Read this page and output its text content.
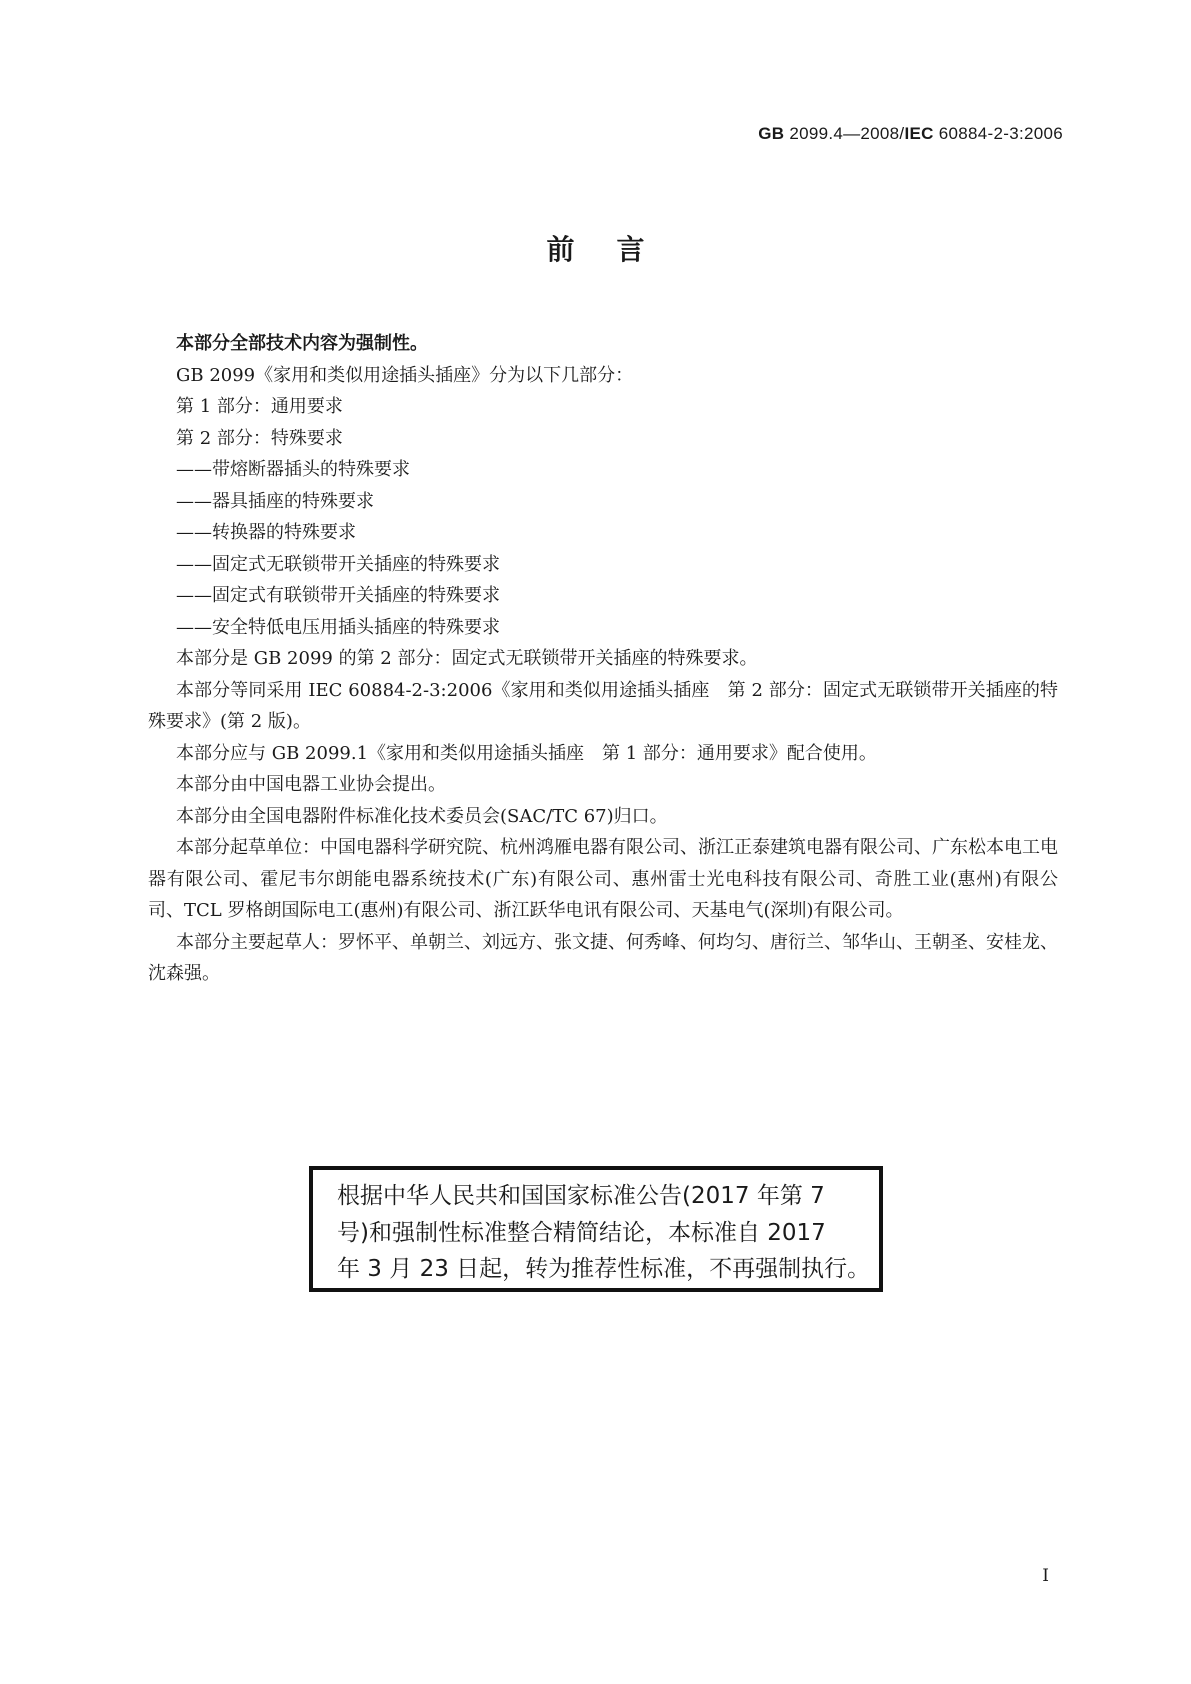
GB 2099.4—2008/IEC 60884-2-3:2006
前言

本部分全部技术内容为强制性。

GB 2099《家用和类似用途插头插座》分为以下几部分：

第 1 部分：通用要求

第 2 部分：特殊要求

——带熔断器插头的特殊要求

——器具插座的特殊要求

——转换器的特殊要求

——固定式无联锁带开关插座的特殊要求

——固定式有联锁带开关插座的特殊要求

——安全特低电压用插头插座的特殊要求

本部分是 GB 2099 的第 2 部分：固定式无联锁带开关插座的特殊要求。

本部分等同采用 IEC 60884-2-3:2006《家用和类似用途插头插座　第 2 部分：固定式无联锁带开关插座的特殊要求》(第 2 版)。

本部分应与 GB 2099.1《家用和类似用途插头插座　第 1 部分：通用要求》配合使用。

本部分由中国电器工业协会提出。

本部分由全国电器附件标准化技术委员会(SAC/TC 67)归口。

本部分起草单位：中国电器科学研究院、杭州鸿雁电器有限公司、浙江正泰建筑电器有限公司、广东松本电工电器有限公司、霍尼韦尔朗能电器系统技术(广东)有限公司、惠州雷士光电科技有限公司、奇胜工业(惠州)有限公司、TCL 罗格朗国际电工(惠州)有限公司、浙江跃华电讯有限公司、天基电气(深圳)有限公司。

本部分主要起草人：罗怀平、单朝兰、刘远方、张文捷、何秀峰、何均匀、唐衍兰、邹华山、王朝圣、安桂龙、沈森强。

根据中华人民共和国国家标准公告(2017 年第 7
号)和强制性标准整合精简结论，本标准自 2017
年 3 月 23 日起，转为推荐性标准，不再强制执行。
I
